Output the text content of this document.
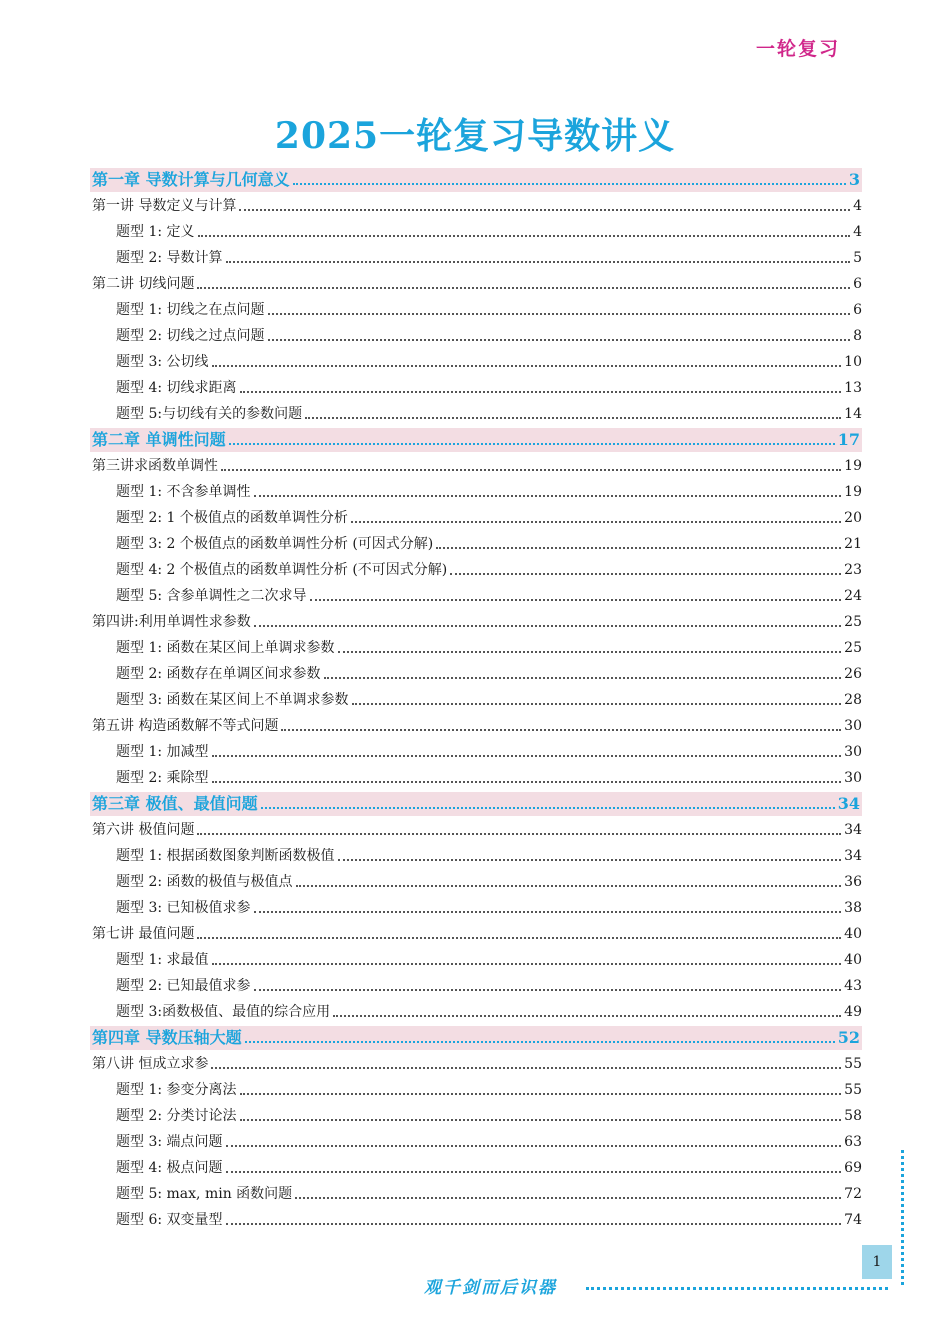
一轮复习
2025一轮复习导数讲义
第一章 导数计算与几何意义	3
第一讲 导数定义与计算	4
题型 1: 定义	4
题型 2: 导数计算	5
第二讲 切线问题	6
题型 1: 切线之在点问题	6
题型 2: 切线之过点问题	8
题型 3: 公切线	10
题型 4: 切线求距离	13
题型 5:与切线有关的参数问题	14
第二章 单调性问题	17
第三讲求函数单调性	19
题型 1: 不含参单调性	19
题型 2: 1 个极值点的函数单调性分析	20
题型 3: 2 个极值点的函数单调性分析 (可因式分解)	21
题型 4: 2 个极值点的函数单调性分析 (不可因式分解)	23
题型 5: 含参单调性之二次求导	24
第四讲:利用单调性求参数	25
题型 1: 函数在某区间上单调求参数	25
题型 2: 函数存在单调区间求参数	26
题型 3: 函数在某区间上不单调求参数	28
第五讲 构造函数解不等式问题	30
题型 1: 加减型	30
题型 2: 乘除型	30
第三章 极值、最值问题	34
第六讲 极值问题	34
题型 1: 根据函数图象判断函数极值	34
题型 2: 函数的极值与极值点	36
题型 3: 已知极值求参	38
第七讲 最值问题	40
题型 1: 求最值	40
题型 2: 已知最值求参	43
题型 3:函数极值、最值的综合应用	49
第四章 导数压轴大题	52
第八讲 恒成立求参	55
题型 1: 参变分离法	55
题型 2: 分类讨论法	58
题型 3: 端点问题	63
题型 4: 极点问题	69
题型 5: max, min 函数问题	72
题型 6: 双变量型	74
1
观千剑而后识器
